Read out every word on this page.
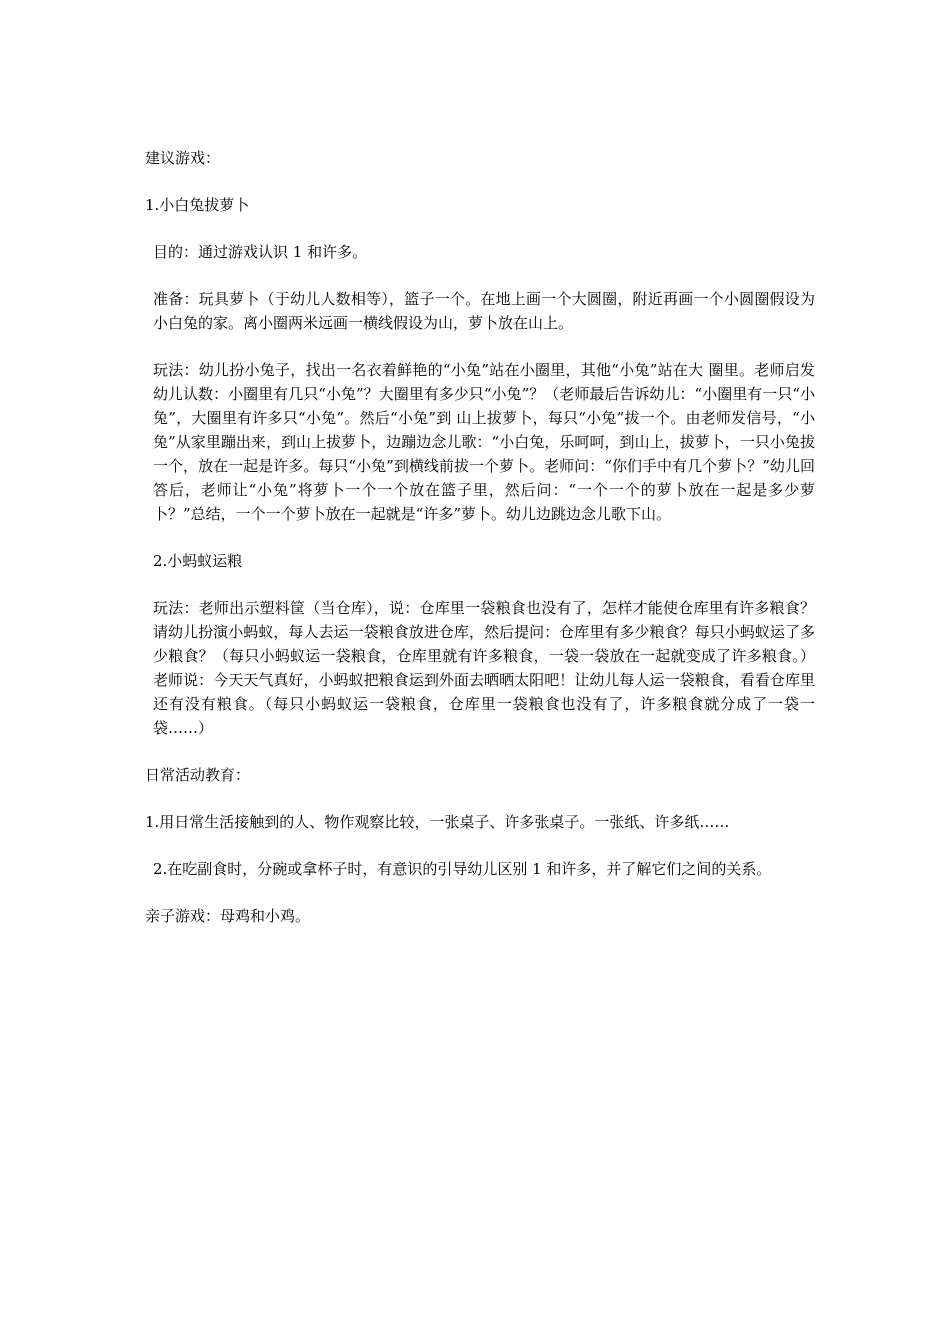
建议游戏：

1.小白兔拔萝卜

目的：通过游戏认识 1 和许多。

准备：玩具萝卜（于幼儿人数相等），篮子一个。在地上画一个大圆圈，附近再画一个小圆圈假设为小白兔的家。离小圈两米远画一横线假设为山，萝卜放在山上。

玩法：幼儿扮小兔子，找出一名衣着鲜艳的“小兔”站在小圈里，其他“小兔”站在大 圈里。老师启发幼儿认数：小圈里有几只“小兔”？大圈里有多少只“小兔”？（老师最后告诉幼儿：“小圈里有一只“小兔”，大圈里有许多只“小兔”。然后“小兔”到 山上拔萝卜，每只“小兔”拔一个。由老师发信号，“小兔”从家里蹦出来，到山上拔萝卜，边蹦边念儿歌：“小白兔，乐呵呵，到山上，拔萝卜，一只小兔拔一个，放在一起是许多。每只“小兔”到横线前拔一个萝卜。老师问：“你们手中有几个萝卜？”幼儿回答后，老师让“小兔”将萝卜一个一个放在篮子里，然后问：“一个一个的萝卜放在一起是多少萝卜？”总结，一个一个萝卜放在一起就是“许多”萝卜。幼儿边跳边念儿歌下山。

2.小蚂蚁运粮

玩法：老师出示塑料筐（当仓库），说：仓库里一袋粮食也没有了，怎样才能使仓库里有许多粮食？请幼儿扮演小蚂蚁，每人去运一袋粮食放进仓库，然后提问：仓库里有多少粮食？每只小蚂蚁运了多少粮食？（每只小蚂蚁运一袋粮食，仓库里就有许多粮食，一袋一袋放在一起就变成了许多粮食。）老师说：今天天气真好，小蚂蚁把粮食运到外面去晒晒太阳吧！让幼儿每人运一袋粮食，看看仓库里还有没有粮食。（每只小蚂蚁运一袋粮食，仓库里一袋粮食也没有了，许多粮食就分成了一袋一袋……）

日常活动教育：

1.用日常生活接触到的人、物作观察比较，一张桌子、许多张桌子。一张纸、许多纸……

2.在吃副食时，分碗或拿杯子时，有意识的引导幼儿区别 1 和许多，并了解它们之间的关系。

亲子游戏：母鸡和小鸡。
